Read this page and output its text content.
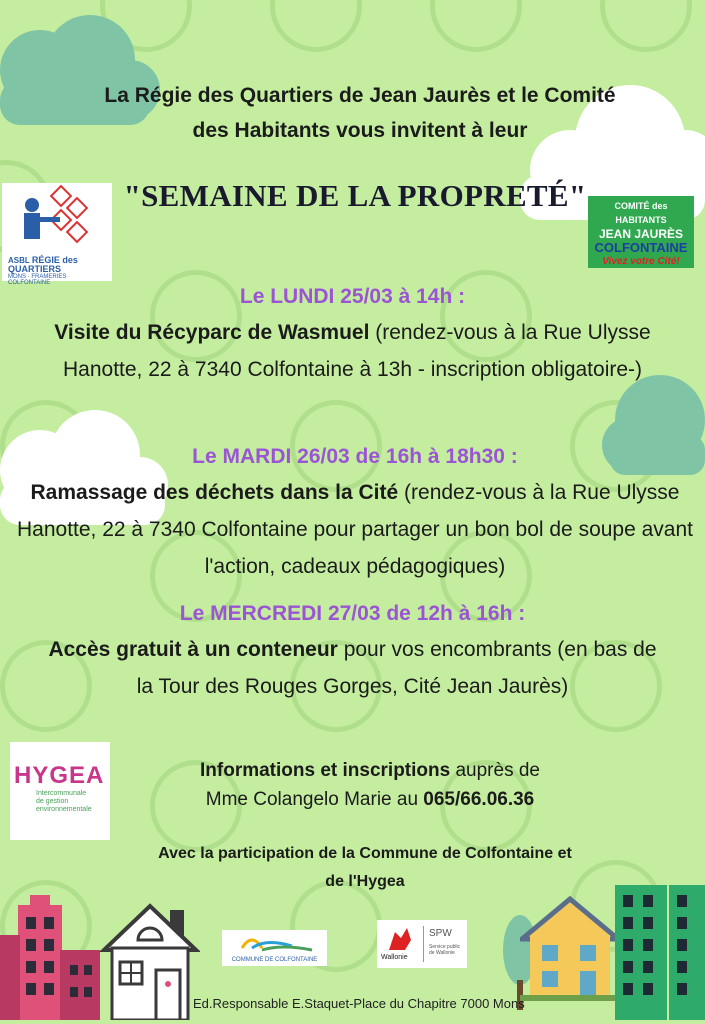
La Régie des Quartiers de Jean Jaurès et le Comité
des Habitants vous invitent à leur
"SEMAINE DE LA PROPRETÉ"
ASBL RÉGIE des QUARTIERS
MONS · FRAMERIES · COLFONTAINE
COMITÉ des HABITANTS
JEAN JAURÈS
COLFONTAINE
Vivez votre Cité!
Le LUNDI 25/03 à 14h :
Visite du Récyparc de Wasmuel (rendez-vous à la Rue Ulysse Hanotte, 22 à 7340 Colfontaine à 13h - inscription obligatoire-)
Le MARDI 26/03 de 16h à 18h30 :
Ramassage des déchets dans la Cité (rendez-vous à la Rue Ulysse Hanotte, 22 à 7340 Colfontaine pour partager un bon bol de soupe avant l'action, cadeaux pédagogiques)
Le MERCREDI 27/03 de 12h à 16h :
Accès gratuit à un conteneur pour vos encombrants (en bas de la Tour des Rouges Gorges, Cité Jean Jaurès)
HYGEA
Intercommunale
de gestion
environnementale
Informations et inscriptions auprès de
Mme Colangelo Marie au 065/66.06.36
Avec la participation de la Commune de Colfontaine et
de l'Hygea
COMMUNE DE COLFONTAINE	Wallonie
SPW
Service public de Wallonie
Ed.Responsable E.Staquet-Place du Chapitre 7000 Mons
